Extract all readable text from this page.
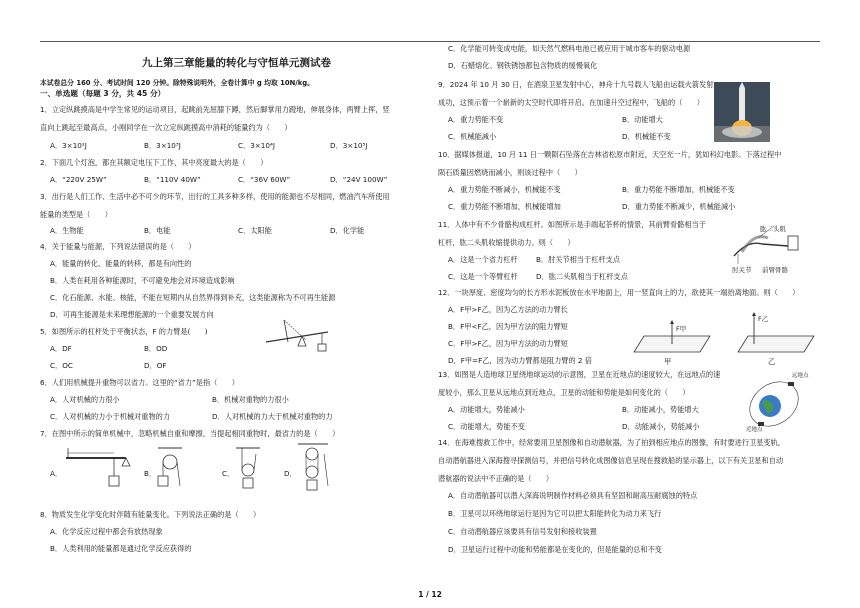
九上第三章能量的转化与守恒单元测试卷
本试卷总分 160 分、考试时间 120 分钟。除特殊说明外，全卷计算中 g 均取 10N/kg。
一、单选题（每题 3 分，共 45 分）
1．立定纵跳摸高是中学生常见的运动项目，起跳前先屈膝下蹲，然后脚掌用力蹬地，伸展身体，两臂上挥，竖
直向上跳起至最高点，小刚同学在一次立定纵跳摸高中消耗的能量约为（　　）
A．3×10²J	B．3×10³J	C．3×10⁴J	D．3×10⁵J
2．下面几个灯泡，都在其额定电压下工作，其中亮度最大的是（　　）
A．“220V 25W”	B．“110V 40W”	C．“36V 60W”	D．“24V 100W”
3．出行是人们工作、生活中必不可少的环节，出行的工具多种多样，使用的能源也不尽相同，燃油汽车所使用
能量的类型是（　　）
A．生物能	B．电能	C．太阳能	D．化学能
4．关于能量与能源，下列说法错误的是（　　）
A．能量的转化、能量的转移，都是有向性的
B．人类在耗用各种能源时，不可避免地会对环境造成影响
C．化石能源、水能、核能，不能在短期内从自然界得到补充，这类能源称为不可再生能源
D．可再生能源是未来理想能源的一个重要发展方向
5．如图所示的杠杆处于平衡状态，F 的力臂是(　　)
A．DF	B．OD
C．OC	D．OF
6．人们用机械提升重物可以省力。这里的“省力”是指（　　）
A．人对机械的力很小	B．机械对重物的力很小
C．人对机械的力小于机械对重物的力	D．人对机械的力大于机械对重物的力
7．在图中所示的简单机械中，忽略机械自重和摩擦，当提起相同重物时，最省力的是（　　）
A．	B．	C．	D．
8．物质发生化学变化时伴随有能量变化。下列说法正确的是（　　）
A．化学反应过程中都会有放热现象
B．人类利用的能量都是通过化学反应获得的
C．化学能可转变成电能，如天然气燃料电池已被应用于城市客车的驱动电源
D．石蜡熔化、钢铁锈蚀都包含物质的缓慢氧化
9．2024 年 10 月 30 日，在酒泉卫星发射中心，神舟十九号载人飞船由运载火箭发射
成功，这预示着一个崭新的太空时代即将开启。在加速升空过程中，飞船的（　　）
A．重力势能不变	B．动能增大
C．机械能减小	D．机械能不变
10．据媒体报道，10 月 11 日一颗陨石坠落在吉林省松原市附近，天空光一片，犹如科幻电影。下落过程中
陨石质量因燃烧而减小，则该过程中（　　）
A．重力势能不断减小，机械能不变	B．重力势能不断增加，机械能不变
C．重力势能不断增加，机械能增加	D．重力势能不断减少，机械能减小
11．人体中有不少骨骼构成杠杆。如图所示是手端起茶杯的情景，其前臂骨骼相当于
杠杆，肱二头肌收缩提供动力。则（　　）
A．这是一个省力杠杆	B．肘关节相当于杠杆支点
C．这是一个等臂杠杆	D．肱二头肌相当于杠杆支点
肱二头肌
肘关节 前臂骨骼
12．一块厚度、密度均匀的长方形水泥板放在水平地面上，用一竖直向上的力，欲使其一端抬离地面。则（　　）
A．F甲>F乙，因为乙方法的动力臂长
B．F甲<F乙，因为甲方法的阻力臂短
C．F甲>F乙，因为甲方法的动力臂短
D．F甲=F乙，因为动力臂都是阻力臂的 2 倍
F甲
F乙
甲	乙
13．如图是人造地球卫星绕地球运动的示意图，卫星在近地点的速度较大，在远地点的速
度较小，那么卫星从远地点到近地点，卫星的动能和势能是如何变化的（　　）
A．动能增大，势能减小	B．动能减小，势能增大
C．动能增大，势能不变	D．动能减小，势能减小
远地点
近地点
14．在海难搜救工作中，经常要用卫星图像和自动潜航器，为了拍到相应地点的图像，有时要进行卫星变轨，
自动潜航器进入深海搜寻探测信号，并把信号转化成图像信息呈现在搜救船的显示器上，以下有关卫星和自动
潜航器的说法中不正确的是（　　）
A．自动潜航器可以潜入深海说明制作材料必须具有坚固和耐高压耐腐蚀的特点
B．卫星可以环绕地球运行是因为它可以把太阳能转化为动力来飞行
C．自动潜航器应该要具有信号发射和接收装置
D．卫星运行过程中动能和势能都是在变化的，但是能量的总和不变
1 / 12
